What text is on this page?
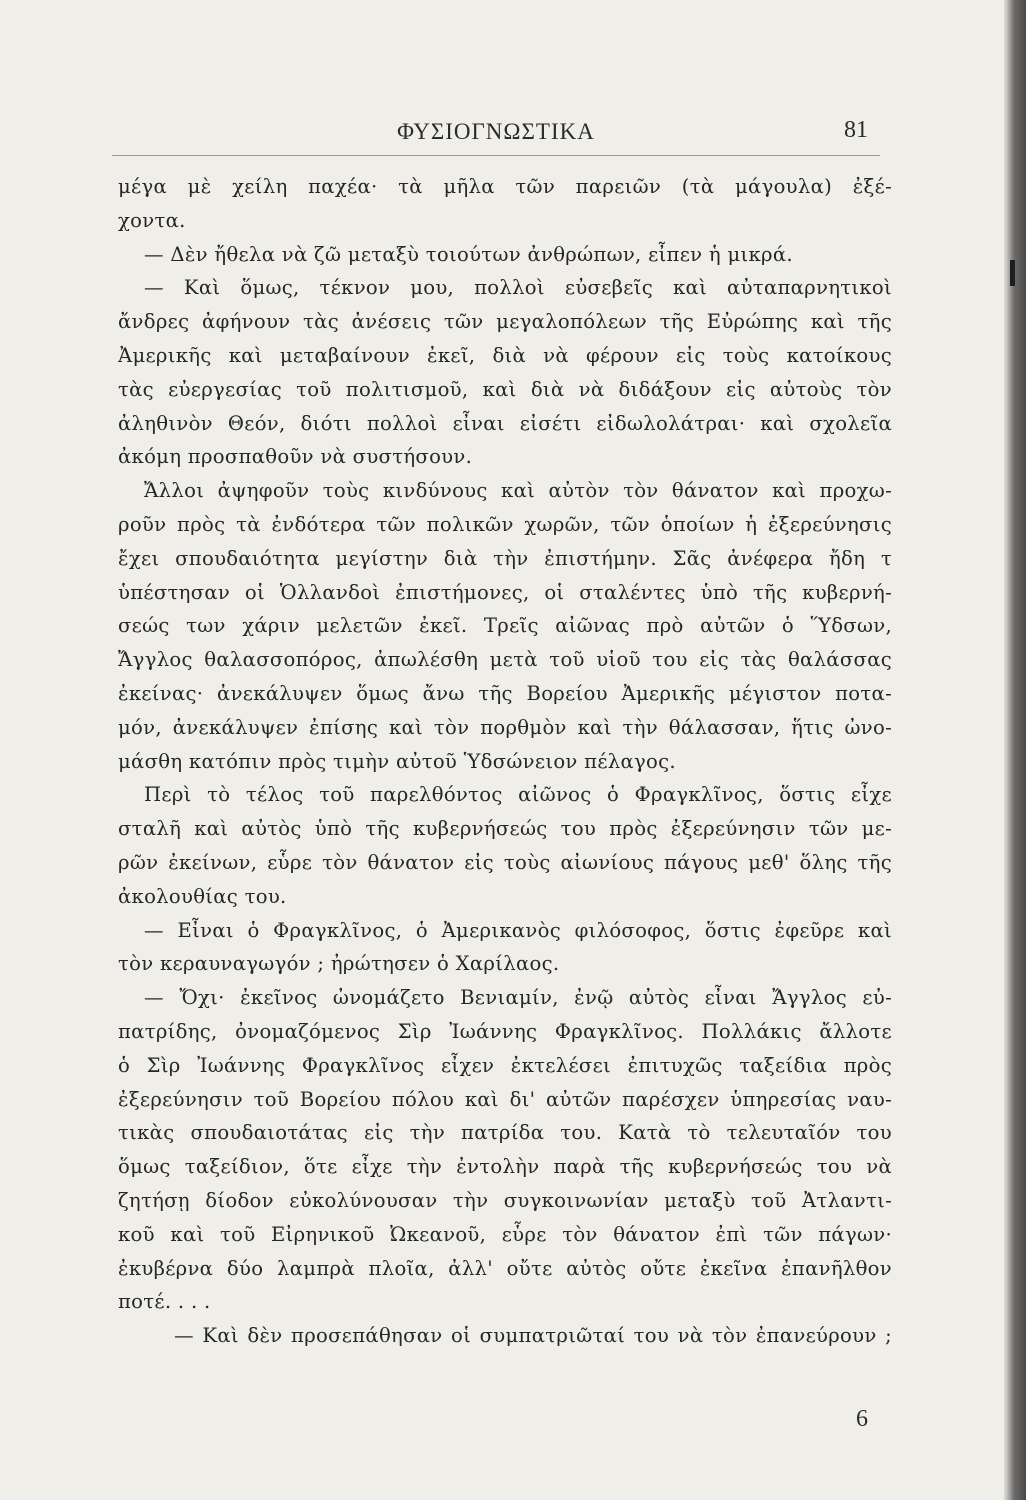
ΦΥΣΙΟΓΝΩΣΤΙΚΑ	81
μέγα μὲ χείλη παχέα· τὰ μῆλα τῶν παρειῶν (τὰ μάγουλα) ἐξέ-
χοντα.
— Δὲν ἤθελα νὰ ζῶ μεταξὺ τοιούτων ἀνθρώπων, εἶπεν ἡ μικρά.
— Καὶ ὅμως, τέκνον μου, πολλοὶ εὐσεβεῖς καὶ αὐταπαρνητικοὶ
ἄνδρες ἀφήνουν τὰς ἀνέσεις τῶν μεγαλοπόλεων τῆς Εὐρώπης καὶ τῆς
Ἀμερικῆς καὶ μεταβαίνουν ἐκεῖ, διὰ νὰ φέρουν εἰς τοὺς κατοίκους
τὰς εὐεργεσίας τοῦ πολιτισμοῦ, καὶ διὰ νὰ διδάξουν εἰς αὐτοὺς τὸν
ἀληθινὸν Θεόν, διότι πολλοὶ εἶναι εἰσέτι εἰδωλολάτραι· καὶ σχολεῖα
ἀκόμη προσπαθοῦν νὰ συστήσουν.
Ἄλλοι ἀψηφοῦν τοὺς κινδύνους καὶ αὐτὸν τὸν θάνατον καὶ προχω-
ροῦν πρὸς τὰ ἐνδότερα τῶν πολικῶν χωρῶν, τῶν ὁποίων ἡ ἐξερεύνησις
ἔχει σπουδαιότητα μεγίστην διὰ τὴν ἐπιστήμην. Σᾶς ἀνέφερα ἤδη τ
ὑπέστησαν οἱ Ὁλλανδοὶ ἐπιστήμονες, οἱ σταλέντες ὑπὸ τῆς κυβερνή-
σεώς των χάριν μελετῶν ἐκεῖ. Τρεῖς αἰῶνας πρὸ αὐτῶν ὁ Ὕδσων,
Ἄγγλος θαλασσοπόρος, ἀπωλέσθη μετὰ τοῦ υἱοῦ του εἰς τὰς θαλάσσας
ἐκείνας· ἀνεκάλυψεν ὅμως ἄνω τῆς Βορείου Ἀμερικῆς μέγιστον ποτα-
μόν, ἀνεκάλυψεν ἐπίσης καὶ τὸν πορθμὸν καὶ τὴν θάλασσαν, ἥτις ὠνο-
μάσθη κατόπιν πρὸς τιμὴν αὐτοῦ Ὑδσώνειον πέλαγος.
Περὶ τὸ τέλος τοῦ παρελθόντος αἰῶνος ὁ Φραγκλῖνος, ὅστις εἶχε
σταλῆ καὶ αὐτὸς ὑπὸ τῆς κυβερνήσεώς του πρὸς ἐξερεύνησιν τῶν με-
ρῶν ἐκείνων, εὗρε τὸν θάνατον εἰς τοὺς αἰωνίους πάγους μεθ' ὅλης τῆς
ἀκολουθίας του.
— Εἶναι ὁ Φραγκλῖνος, ὁ Ἀμερικανὸς φιλόσοφος, ὅστις ἐφεῦρε καὶ
τὸν κεραυναγωγόν ; ἠρώτησεν ὁ Χαρίλαος.
— Ὄχι· ἐκεῖνος ὠνομάζετο Βενιαμίν, ἐνῷ αὐτὸς εἶναι Ἄγγλος εὐ-
πατρίδης, ὀνομαζόμενος Σὶρ Ἰωάννης Φραγκλῖνος. Πολλάκις ἄλλοτε
ὁ Σὶρ Ἰωάννης Φραγκλῖνος εἶχεν ἐκτελέσει ἐπιτυχῶς ταξείδια πρὸς
ἐξερεύνησιν τοῦ Βορείου πόλου καὶ δι' αὐτῶν παρέσχεν ὑπηρεσίας ναυ-
τικὰς σπουδαιοτάτας εἰς τὴν πατρίδα του. Κατὰ τὸ τελευταῖόν του
ὅμως ταξείδιον, ὅτε εἶχε τὴν ἐντολὴν παρὰ τῆς κυβερνήσεώς του νὰ
ζητήσῃ δίοδον εὐκολύνουσαν τὴν συγκοινωνίαν μεταξὺ τοῦ Ἀτλαντι-
κοῦ καὶ τοῦ Εἰρηνικοῦ Ὠκεανοῦ, εὗρε τὸν θάνατον ἐπὶ τῶν πάγων·
ἐκυβέρνα δύο λαμπρὰ πλοῖα, ἀλλ' οὔτε αὐτὸς οὔτε ἐκεῖνα ἐπανῆλθον
ποτέ. . . .
— Καὶ δὲν προσεπάθησαν οἱ συμπατριῶταί του νὰ τὸν ἐπανεύρουν ;
6
